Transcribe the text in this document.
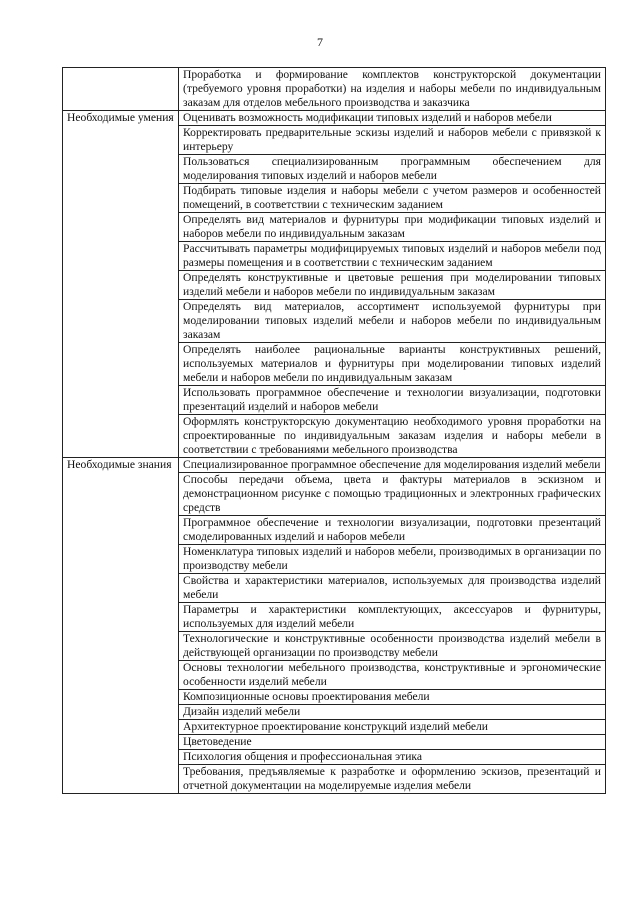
7
	Проработка и формирование комплектов конструкторской документации (требуемого уровня проработки) на изделия и наборы мебели по индивидуальным заказам для отделов мебельного производства и заказчика
Необходимые умения	Оценивать возможность модификации типовых изделий и наборов мебели
	Корректировать предварительные эскизы изделий и наборов мебели с привязкой к интерьеру
	Пользоваться специализированным программным обеспечением для моделирования типовых изделий и наборов мебели
	Подбирать типовые изделия и наборы мебели с учетом размеров и особенностей помещений, в соответствии с техническим заданием
	Определять вид материалов и фурнитуры при модификации типовых изделий и наборов мебели по индивидуальным заказам
	Рассчитывать параметры модифицируемых типовых изделий и наборов мебели под размеры помещения и в соответствии с техническим заданием
	Определять конструктивные и цветовые решения при моделировании типовых изделий мебели и наборов мебели по индивидуальным заказам
	Определять вид материалов, ассортимент используемой фурнитуры при моделировании типовых изделий мебели и наборов мебели по индивидуальным заказам
	Определять наиболее рациональные варианты конструктивных решений, используемых материалов и фурнитуры при моделировании типовых изделий мебели и наборов мебели по индивидуальным заказам
	Использовать программное обеспечение и технологии визуализации, подготовки презентаций изделий и наборов мебели
	Оформлять конструкторскую документацию необходимого уровня проработки на спроектированные по индивидуальным заказам изделия и наборы мебели в соответствии с требованиями мебельного производства
Необходимые знания	Специализированное программное обеспечение для моделирования изделий мебели
	Способы передачи объема, цвета и фактуры материалов в эскизном и демонстрационном рисунке с помощью традиционных и электронных графических средств
	Программное обеспечение и технологии визуализации, подготовки презентаций смоделированных изделий и наборов мебели
	Номенклатура типовых изделий и наборов мебели, производимых в организации по производству мебели
	Свойства и характеристики материалов, используемых для производства изделий мебели
	Параметры и характеристики комплектующих, аксессуаров и фурнитуры, используемых для изделий мебели
	Технологические и конструктивные особенности производства изделий мебели в действующей организации по производству мебели
	Основы технологии мебельного производства, конструктивные и эргономические особенности изделий мебели
	Композиционные основы проектирования мебели
	Дизайн изделий мебели
	Архитектурное проектирование конструкций изделий мебели
	Цветоведение
	Психология общения и профессиональная этика
	Требования, предъявляемые к разработке и оформлению эскизов, презентаций и отчетной документации на моделируемые изделия мебели
